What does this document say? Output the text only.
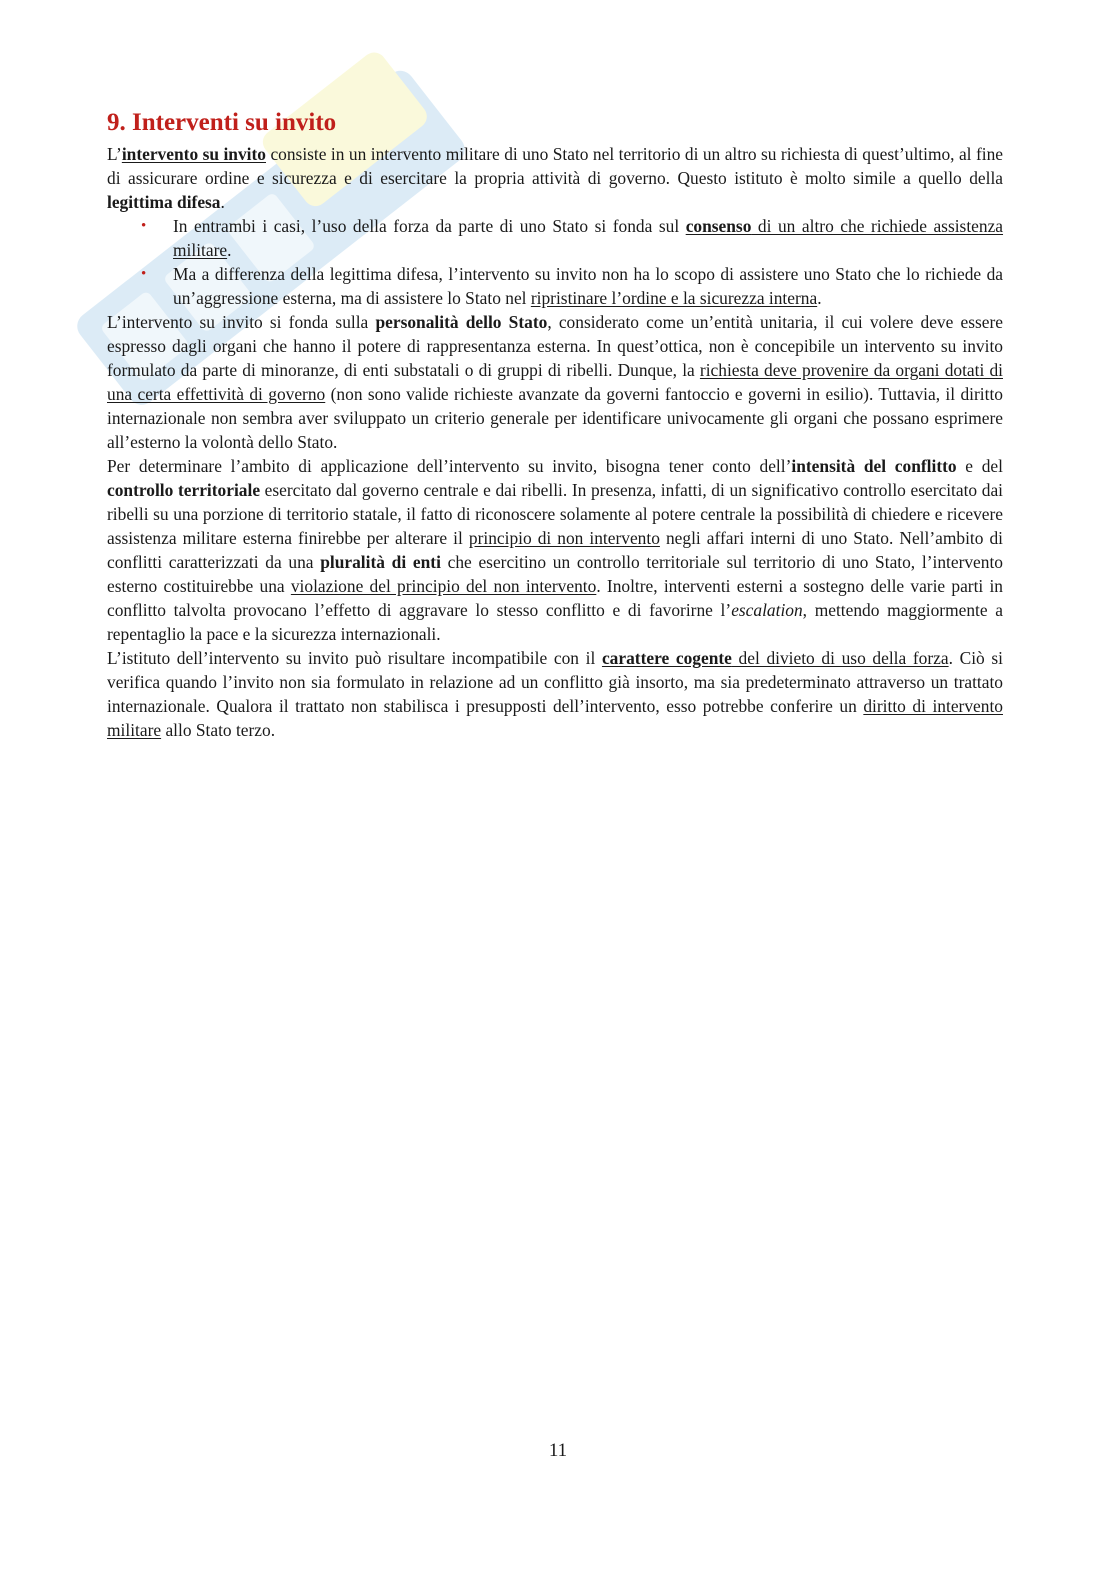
9. Interventi su invito

L’intervento su invito consiste in un intervento militare di uno Stato nel territorio di un altro su richiesta di quest’ultimo, al fine di assicurare ordine e sicurezza e di esercitare la propria attività di governo. Questo istituto è molto simile a quello della legittima difesa.

• In entrambi i casi, l’uso della forza da parte di uno Stato si fonda sul consenso di un altro che richiede assistenza militare.
• Ma a differenza della legittima difesa, l’intervento su invito non ha lo scopo di assistere uno Stato che lo richiede da un’aggressione esterna, ma di assistere lo Stato nel ripristinare l’ordine e la sicurezza interna.

L’intervento su invito si fonda sulla personalità dello Stato, considerato come un’entità unitaria, il cui volere deve essere espresso dagli organi che hanno il potere di rappresentanza esterna. In quest’ottica, non è concepibile un intervento su invito formulato da parte di minoranze, di enti substatali o di gruppi di ribelli. Dunque, la richiesta deve provenire da organi dotati di una certa effettività di governo (non sono valide richieste avanzate da governi fantoccio e governi in esilio). Tuttavia, il diritto internazionale non sembra aver sviluppato un criterio generale per identificare univocamente gli organi che possano esprimere all’esterno la volontà dello Stato.

Per determinare l’ambito di applicazione dell’intervento su invito, bisogna tener conto dell’intensità del conflitto e del controllo territoriale esercitato dal governo centrale e dai ribelli. In presenza, infatti, di un significativo controllo esercitato dai ribelli su una porzione di territorio statale, il fatto di riconoscere solamente al potere centrale la possibilità di chiedere e ricevere assistenza militare esterna finirebbe per alterare il principio di non intervento negli affari interni di uno Stato. Nell’ambito di conflitti caratterizzati da una pluralità di enti che esercitino un controllo territoriale sul territorio di uno Stato, l’intervento esterno costituirebbe una violazione del principio del non intervento. Inoltre, interventi esterni a sostegno delle varie parti in conflitto talvolta provocano l’effetto di aggravare lo stesso conflitto e di favorirne l’escalation, mettendo maggiormente a repentaglio la pace e la sicurezza internazionali.

L’istituto dell’intervento su invito può risultare incompatibile con il carattere cogente del divieto di uso della forza. Ciò si verifica quando l’invito non sia formulato in relazione ad un conflitto già insorto, ma sia predeterminato attraverso un trattato internazionale. Qualora il trattato non stabilisca i presupposti dell’intervento, esso potrebbe conferire un diritto di intervento militare allo Stato terzo.

11
